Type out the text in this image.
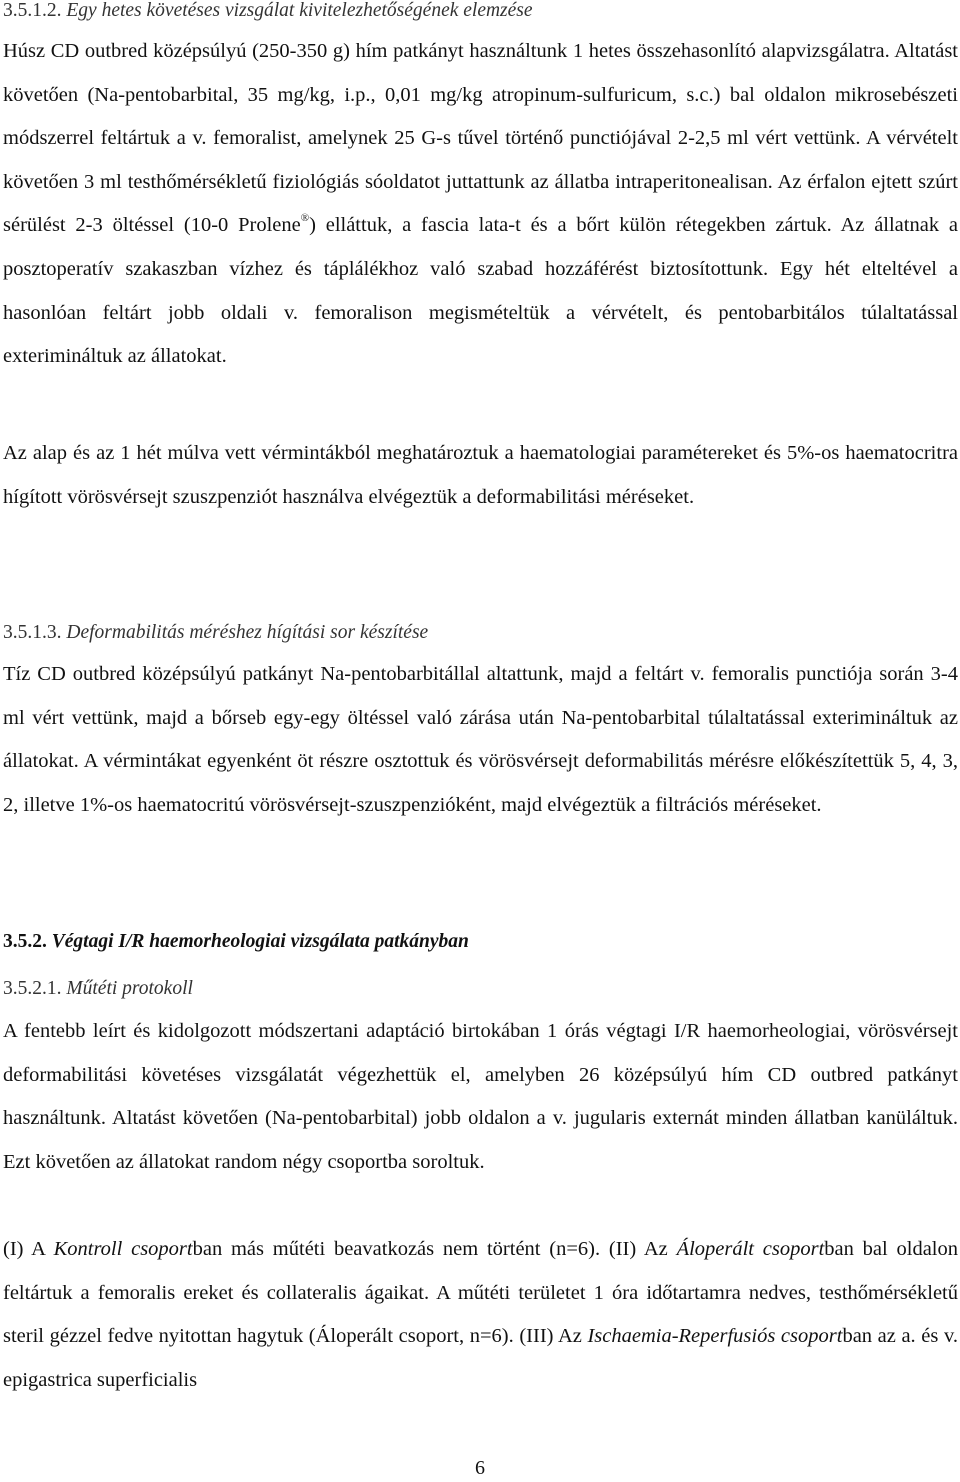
3.5.1.2. Egy hetes követéses vizsgálat kivitelezhetőségének elemzése

Húsz CD outbred középsúlyú (250-350 g) hím patkányt használtunk 1 hetes összehasonlító alapvizsgálatra. Altatást követően (Na-pentobarbital, 35 mg/kg, i.p., 0,01 mg/kg atropinum-sulfuricum, s.c.) bal oldalon mikrosebészeti módszerrel feltártuk a v. femoralist, amelynek 25 G-s tűvel történő punctiójával 2-2,5 ml vért vettünk. A vérvételt követően 3 ml testhőmérsékletű fiziológiás sóoldatot juttattunk az állatba intraperitonealisan. Az érfalon ejtett szúrt sérülést 2-3 öltéssel (10-0 Prolene®) elláttuk, a fascia lata-t és a bőrt külön rétegekben zártuk. Az állatnak a posztoperatív szakaszban vízhez és táplálékhoz való szabad hozzáférést biztosítottunk. Egy hét elteltével a hasonlóan feltárt jobb oldali v. femoralison megismételtük a vérvételt, és pentobarbitálos túlaltatással exterimináltuk az állatokat.

Az alap és az 1 hét múlva vett vérmintákból meghatároztuk a haematologiai paramétereket és 5%-os haematocritra hígított vörösvérsejt szuszpenziót használva elvégeztük a deformabilitási méréseket.

3.5.1.3. Deformabilitás méréshez hígítási sor készítése

Tíz CD outbred középsúlyú patkányt Na-pentobarbitállal altattunk, majd a feltárt v. femoralis punctiója során 3-4 ml vért vettünk, majd a bőrseb egy-egy öltéssel való zárása után Na-pentobarbital túlaltatással exterimináltuk az állatokat. A vérmintákat egyenként öt részre osztottuk és vörösvérsejt deformabilitás mérésre előkészítettük 5, 4, 3, 2, illetve 1%-os haematocritú vörösvérsejt-szuszpenzióként, majd elvégeztük a filtrációs méréseket.

3.5.2. Végtagi I/R haemorheologiai vizsgálata patkányban
3.5.2.1. Műtéti protokoll

A fentebb leírt és kidolgozott módszertani adaptáció birtokában 1 órás végtagi I/R haemorheologiai, vörösvérsejt deformabilitási követéses vizsgálatát végezhettük el, amelyben 26 középsúlyú hím CD outbred patkányt használtunk. Altatást követően (Na-pentobarbital) jobb oldalon a v. jugularis externát minden állatban kanüláltuk. Ezt követően az állatokat random négy csoportba soroltuk.

(I) A Kontroll csoportban más műtéti beavatkozás nem történt (n=6). (II) Az Áloperált csoportban bal oldalon feltártuk a femoralis ereket és collateralis ágaikat. A műtéti területet 1 óra időtartamra nedves, testhőmérsékletű steril gézzel fedve nyitottan hagytuk (Áloperált csoport, n=6). (III) Az Ischaemia-Reperfusiós csoportban az a. és v. epigastrica superficialis

6
